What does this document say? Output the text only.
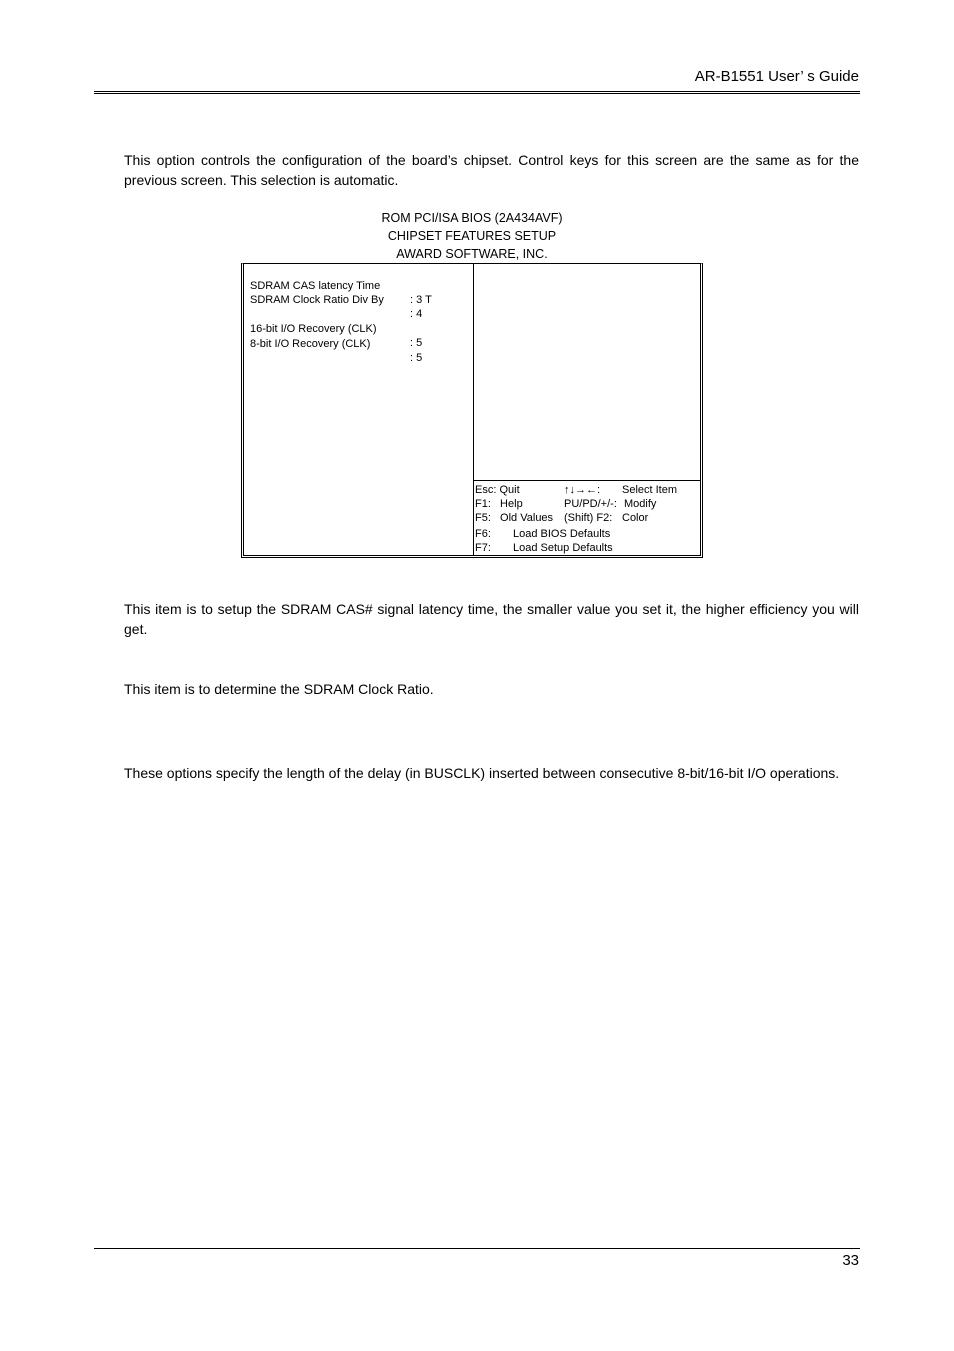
AR-B1551 User’ s Guide
This option controls the configuration of the board’s chipset. Control keys for this screen are the same as for the previous screen. This selection is automatic.
ROM PCI/ISA BIOS (2A434AVF)
CHIPSET FEATURES SETUP
AWARD SOFTWARE, INC.

SDRAM CAS latency Time

: 3 T

SDRAM Clock Ratio Div By

: 4

16-bit I/O Recovery (CLK)

: 5

8-bit I/O Recovery (CLK)

: 5

Esc: Quit

	↑↓→←:

Select Item

F1:   Help

	PU/PD/+/-:

Modify

F5:   Old Values

(Shift) F2:

Color

F6:

Load BIOS Defaults

F7:

Load Setup Defaults

This item is to setup the SDRAM CAS# signal latency time, the smaller value you set it, the higher efficiency you will get.
This item is to determine the SDRAM Clock Ratio.
These options specify the length of the delay (in BUSCLK) inserted between consecutive 8-bit/16-bit I/O operations.
33
